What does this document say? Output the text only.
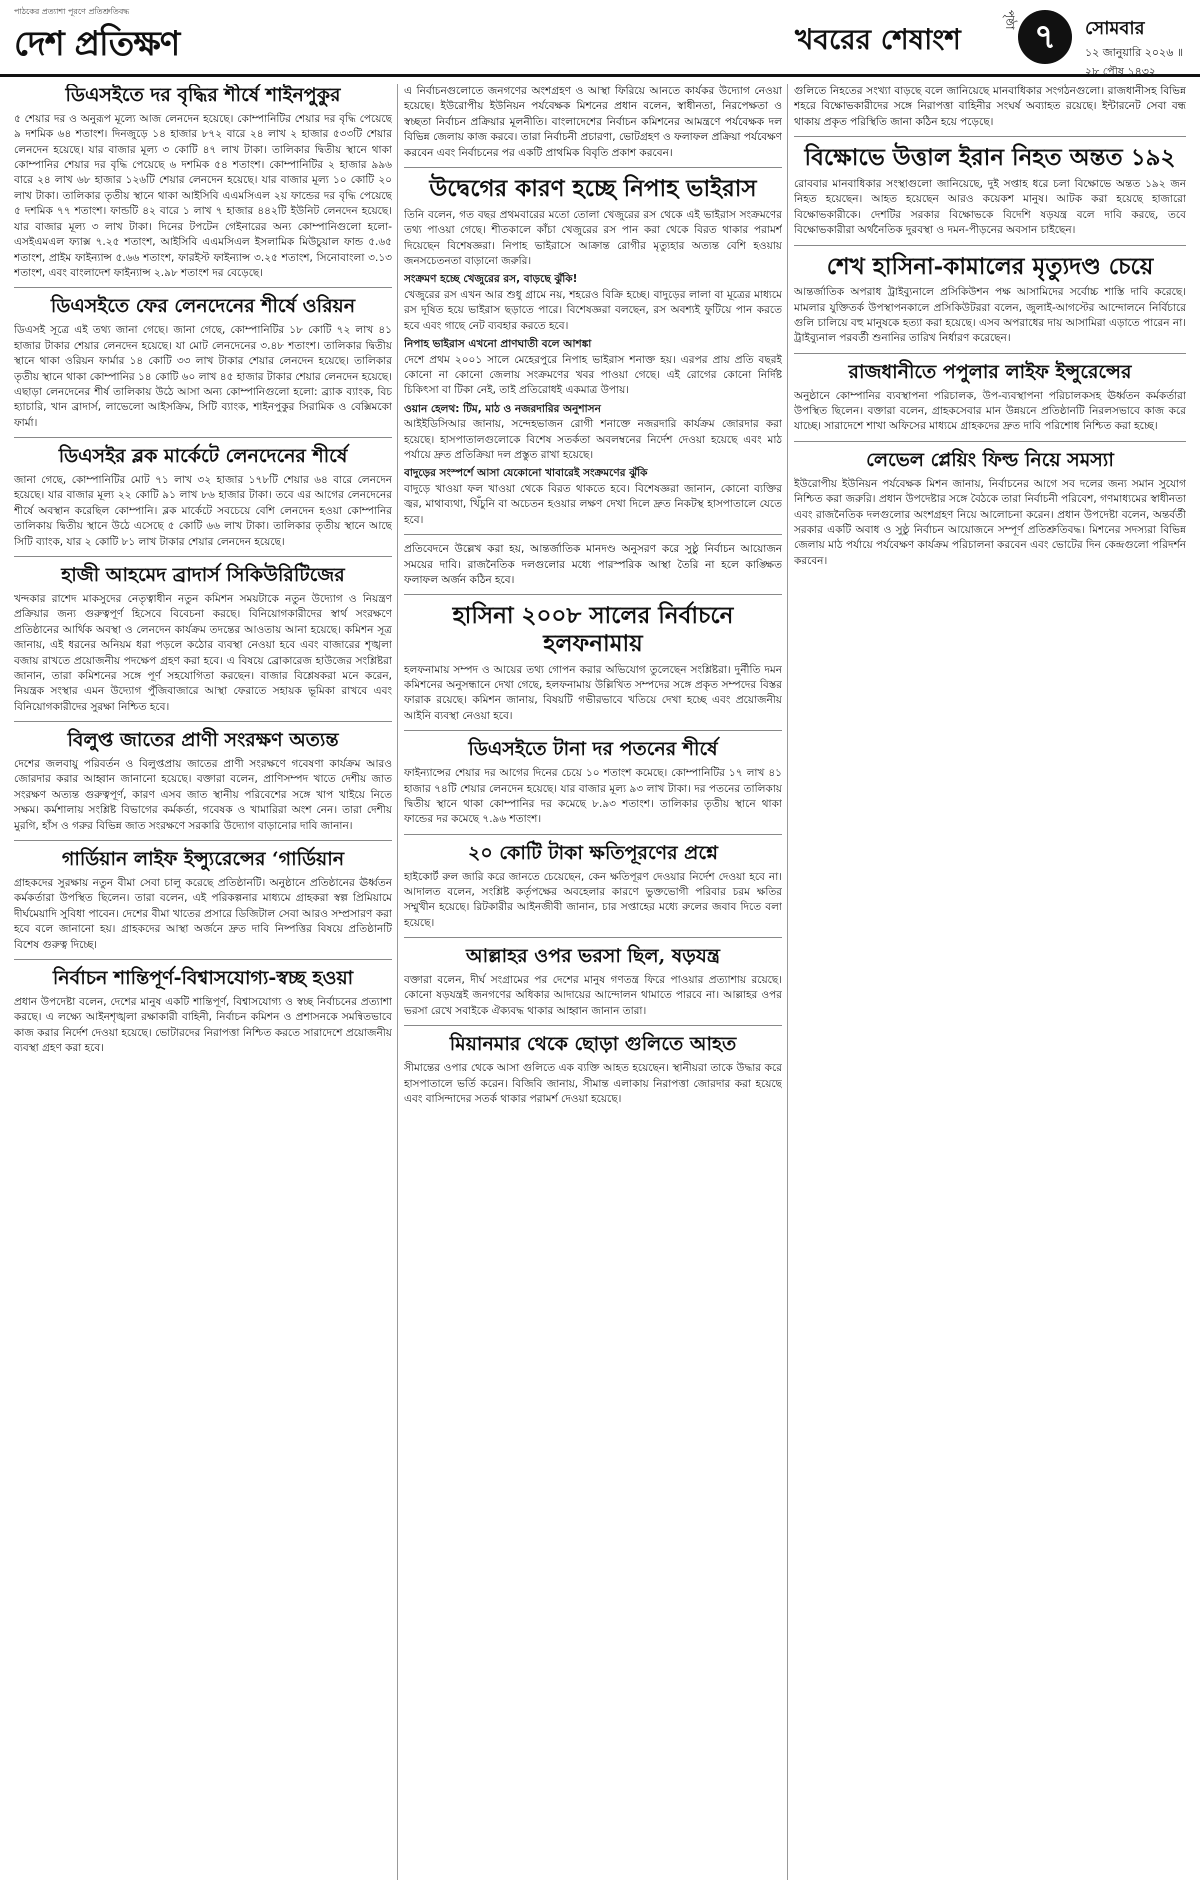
পাঠকের প্রত্যাশা পূরণে প্রতিশ্রুতিবদ্ধ
দেশ প্রতিক্ষণ	খবরের শেষাংশ
পৃষ্ঠা ৭	সোমবার
১২ জানুয়ারি ২০২৬ ॥ ২৮ পৌষ ১৪৩২
ডিএসইতে দর বৃদ্ধির শীর্ষে শাইনপুকুর

৫ শেয়ার দর ও অনুরূপ মূল্যে আজ লেনদেন হয়েছে। কোম্পানিটির শেয়ার দর বৃদ্ধি পেয়েছে ৯ দশমিক ৬৪ শতাংশ। দিনজুড়ে ১৪ হাজার ৮৭২ বারে ২৪ লাখ ২ হাজার ৫৩৩টি শেয়ার লেনদেন হয়েছে। যার বাজার মূল্য ৩ কোটি ৪৭ লাখ টাকা। তালিকার দ্বিতীয় স্থানে থাকা কোম্পানির শেয়ার দর বৃদ্ধি পেয়েছে ৬ দশমিক ৫৪ শতাংশ। কোম্পানিটির ২ হাজার ৯৯৬ বারে ২৪ লাখ ৬৮ হাজার ১২৬টি শেয়ার লেনদেন হয়েছে। যার বাজার মূল্য ১০ কোটি ২০ লাখ টাকা। তালিকার তৃতীয় স্থানে থাকা আইসিবি এএমসিএল ২য় ফান্ডের দর বৃদ্ধি পেয়েছে ৫ দশমিক ৭৭ শতাংশ। ফান্ডটি ৪২ বারে ১ লাখ ৭ হাজার ৪৪২টি ইউনিট লেনদেন হয়েছে। যার বাজার মূল্য ৩ লাখ টাকা। দিনের টপটেন গেইনারের অন্য কোম্পানিগুলো হলো- এসইএমএল ফ্যাক্স ৭.২৫ শতাংশ, আইসিবি এএমসিএল ইসলামিক মিউচুয়াল ফান্ড ৫.৬৫ শতাংশ, প্রাইম ফাইন্যান্স ৫.৬৬ শতাংশ, ফারইস্ট ফাইন্যান্স ৩.২৫ শতাংশ, সিনোবাংলা ৩.১৩ শতাংশ, এবং বাংলাদেশ ফাইন্যান্স ২.৯৮ শতাংশ দর বেড়েছে।

ডিএসইতে ফের লেনদেনের শীর্ষে ওরিয়ন

ডিএসই সূত্রে এই তথ্য জানা গেছে। জানা গেছে, কোম্পানিটির ১৮ কোটি ৭২ লাখ ৪১ হাজার টাকার শেয়ার লেনদেন হয়েছে। যা মোট লেনদেনের ৩.৪৮ শতাংশ। তালিকার দ্বিতীয় স্থানে থাকা ওরিয়ন ফার্মার ১৪ কোটি ৩৩ লাখ টাকার শেয়ার লেনদেন হয়েছে। তালিকার তৃতীয় স্থানে থাকা কোম্পানির ১৪ কোটি ৬০ লাখ ৪৫ হাজার টাকার শেয়ার লেনদেন হয়েছে। এছাড়া লেনদেনের শীর্ষ তালিকায় উঠে আসা অন্য কোম্পানিগুলো হলো: ব্র্যাক ব্যাংক, বিচ হ্যাচারি, খান ব্রাদার্স, লাভেলো আইসক্রিম, সিটি ব্যাংক, শাইনপুকুর সিরামিক ও বেক্সিমকো ফার্মা।

ডিএসইর ব্লক মার্কেটে লেনদেনের শীর্ষে

জানা গেছে, কোম্পানিটির মোট ৭১ লাখ ৩২ হাজার ১৭৮টি শেয়ার ৬৪ বারে লেনদেন হয়েছে। যার বাজার মূল্য ২২ কোটি ৯১ লাখ ৮৬ হাজার টাকা। তবে এর আগের লেনদেনের শীর্ষে অবস্থান করেছিল কোম্পানি। ব্লক মার্কেটে সবচেয়ে বেশি লেনদেন হওয়া কোম্পানির তালিকায় দ্বিতীয় স্থানে উঠে এসেছে ৫ কোটি ৬৬ লাখ টাকা। তালিকার তৃতীয় স্থানে আছে সিটি ব্যাংক, যার ২ কোটি ৮১ লাখ টাকার শেয়ার লেনদেন হয়েছে।

হাজী আহমেদ ব্রাদার্স সিকিউরিটিজের

খন্দকার রাশেদ মাকসুদের নেতৃত্বাধীন নতুন কমিশন সময়টাকে নতুন উদ্যোগ ও নিয়ন্ত্রণ প্রক্রিয়ার জন্য গুরুত্বপূর্ণ হিসেবে বিবেচনা করছে। বিনিয়োগকারীদের স্বার্থ সংরক্ষণে প্রতিষ্ঠানের আর্থিক অবস্থা ও লেনদেন কার্যক্রম তদন্তের আওতায় আনা হয়েছে। কমিশন সূত্র জানায়, এই ধরনের অনিয়ম ধরা পড়লে কঠোর ব্যবস্থা নেওয়া হবে এবং বাজারের শৃঙ্খলা বজায় রাখতে প্রয়োজনীয় পদক্ষেপ গ্রহণ করা হবে। এ বিষয়ে ব্রোকারেজ হাউজের সংশ্লিষ্টরা জানান, তারা কমিশনের সঙ্গে পূর্ণ সহযোগিতা করছেন। বাজার বিশ্লেষকরা মনে করেন, নিয়ন্ত্রক সংস্থার এমন উদ্যোগ পুঁজিবাজারে আস্থা ফেরাতে সহায়ক ভূমিকা রাখবে এবং বিনিয়োগকারীদের সুরক্ষা নিশ্চিত হবে।

বিলুপ্ত জাতের প্রাণী সংরক্ষণ অত্যন্ত

দেশের জলবায়ু পরিবর্তন ও বিলুপ্তপ্রায় জাতের প্রাণী সংরক্ষণে গবেষণা কার্যক্রম আরও জোরদার করার আহ্বান জানানো হয়েছে। বক্তারা বলেন, প্রাণিসম্পদ খাতে দেশীয় জাত সংরক্ষণ অত্যন্ত গুরুত্বপূর্ণ, কারণ এসব জাত স্থানীয় পরিবেশের সঙ্গে খাপ খাইয়ে নিতে সক্ষম। কর্মশালায় সংশ্লিষ্ট বিভাগের কর্মকর্তা, গবেষক ও খামারিরা অংশ নেন। তারা দেশীয় মুরগি, হাঁস ও গরুর বিভিন্ন জাত সংরক্ষণে সরকারি উদ্যোগ বাড়ানোর দাবি জানান।

গার্ডিয়ান লাইফ ইন্স্যুরেন্সের ‘গার্ডিয়ান

গ্রাহকদের সুরক্ষায় নতুন বীমা সেবা চালু করেছে প্রতিষ্ঠানটি। অনুষ্ঠানে প্রতিষ্ঠানের ঊর্ধ্বতন কর্মকর্তারা উপস্থিত ছিলেন। তারা বলেন, এই পরিকল্পনার মাধ্যমে গ্রাহকরা স্বল্প প্রিমিয়ামে দীর্ঘমেয়াদি সুবিধা পাবেন। দেশের বীমা খাতের প্রসারে ডিজিটাল সেবা আরও সম্প্রসারণ করা হবে বলে জানানো হয়। গ্রাহকদের আস্থা অর্জনে দ্রুত দাবি নিষ্পত্তির বিষয়ে প্রতিষ্ঠানটি বিশেষ গুরুত্ব দিচ্ছে।

নির্বাচন শান্তিপূর্ণ-বিশ্বাসযোগ্য-স্বচ্ছ হওয়া

প্রধান উপদেষ্টা বলেন, দেশের মানুষ একটি শান্তিপূর্ণ, বিশ্বাসযোগ্য ও স্বচ্ছ নির্বাচনের প্রত্যাশা করছে। এ লক্ষ্যে আইনশৃঙ্খলা রক্ষাকারী বাহিনী, নির্বাচন কমিশন ও প্রশাসনকে সমন্বিতভাবে কাজ করার নির্দেশ দেওয়া হয়েছে। ভোটারদের নিরাপত্তা নিশ্চিত করতে সারাদেশে প্রয়োজনীয় ব্যবস্থা গ্রহণ করা হবে।

এ নির্বাচনগুলোতে জনগণের অংশগ্রহণ ও আস্থা ফিরিয়ে আনতে কার্যকর উদ্যোগ নেওয়া হয়েছে। ইউরোপীয় ইউনিয়ন পর্যবেক্ষক মিশনের প্রধান বলেন, স্বাধীনতা, নিরপেক্ষতা ও স্বচ্ছতা নির্বাচন প্রক্রিয়ার মূলনীতি। বাংলাদেশের নির্বাচন কমিশনের আমন্ত্রণে পর্যবেক্ষক দল বিভিন্ন জেলায় কাজ করবে। তারা নির্বাচনী প্রচারণা, ভোটগ্রহণ ও ফলাফল প্রক্রিয়া পর্যবেক্ষণ করবেন এবং নির্বাচনের পর একটি প্রাথমিক বিবৃতি প্রকাশ করবেন।
উদ্বেগের কারণ হচ্ছে নিপাহ ভাইরাস

তিনি বলেন, গত বছর প্রথমবারের মতো তোলা খেজুরের রস থেকে এই ভাইরাস সংক্রমণের তথ্য পাওয়া গেছে। শীতকালে কাঁচা খেজুরের রস পান করা থেকে বিরত থাকার পরামর্শ দিয়েছেন বিশেষজ্ঞরা। নিপাহ ভাইরাসে আক্রান্ত রোগীর মৃত্যুহার অত্যন্ত বেশি হওয়ায় জনসচেতনতা বাড়ানো জরুরি।

সংক্রমণ হচ্ছে খেজুরের রস, বাড়ছে ঝুঁকি!

খেজুরের রস এখন আর শুধু গ্রামে নয়, শহরেও বিক্রি হচ্ছে। বাদুড়ের লালা বা মূত্রের মাধ্যমে রস দূষিত হয়ে ভাইরাস ছড়াতে পারে। বিশেষজ্ঞরা বলছেন, রস অবশ্যই ফুটিয়ে পান করতে হবে এবং গাছে নেট ব্যবহার করতে হবে।

নিপাহ ভাইরাস এখনো প্রাণঘাতী বলে আশঙ্কা

দেশে প্রথম ২০০১ সালে মেহেরপুরে নিপাহ ভাইরাস শনাক্ত হয়। এরপর প্রায় প্রতি বছরই কোনো না কোনো জেলায় সংক্রমণের খবর পাওয়া গেছে। এই রোগের কোনো নির্দিষ্ট চিকিৎসা বা টিকা নেই, তাই প্রতিরোধই একমাত্র উপায়।

ওয়ান হেলথ: টিম, মাঠ ও নজরদারির অনুশাসন

আইইডিসিআর জানায়, সন্দেহভাজন রোগী শনাক্তে নজরদারি কার্যক্রম জোরদার করা হয়েছে। হাসপাতালগুলোকে বিশেষ সতর্কতা অবলম্বনের নির্দেশ দেওয়া হয়েছে এবং মাঠ পর্যায়ে দ্রুত প্রতিক্রিয়া দল প্রস্তুত রাখা হয়েছে।

বাদুড়ের সংস্পর্শে আসা যেকোনো খাবারেই সংক্রমণের ঝুঁকি

বাদুড়ে খাওয়া ফল খাওয়া থেকে বিরত থাকতে হবে। বিশেষজ্ঞরা জানান, কোনো ব্যক্তির জ্বর, মাথাব্যথা, খিঁচুনি বা অচেতন হওয়ার লক্ষণ দেখা দিলে দ্রুত নিকটস্থ হাসপাতালে যেতে হবে।

প্রতিবেদনে উল্লেখ করা হয়, আন্তর্জাতিক মানদণ্ড অনুসরণ করে সুষ্ঠু নির্বাচন আয়োজন সময়ের দাবি। রাজনৈতিক দলগুলোর মধ্যে পারস্পরিক আস্থা তৈরি না হলে কাঙ্ক্ষিত ফলাফল অর্জন কঠিন হবে।
হাসিনা ২০০৮ সালের নির্বাচনে হলফনামায়

হলফনামায় সম্পদ ও আয়ের তথ্য গোপন করার অভিযোগ তুলেছেন সংশ্লিষ্টরা। দুর্নীতি দমন কমিশনের অনুসন্ধানে দেখা গেছে, হলফনামায় উল্লিখিত সম্পদের সঙ্গে প্রকৃত সম্পদের বিস্তর ফারাক রয়েছে। কমিশন জানায়, বিষয়টি গভীরভাবে খতিয়ে দেখা হচ্ছে এবং প্রয়োজনীয় আইনি ব্যবস্থা নেওয়া হবে।

ডিএসইতে টানা দর পতনের শীর্ষে

ফাইন্যান্সের শেয়ার দর আগের দিনের চেয়ে ১০ শতাংশ কমেছে। কোম্পানিটির ১৭ লাখ ৪১ হাজার ৭৪টি শেয়ার লেনদেন হয়েছে। যার বাজার মূল্য ৯৩ লাখ টাকা। দর পতনের তালিকায় দ্বিতীয় স্থানে থাকা কোম্পানির দর কমেছে ৮.৯৩ শতাংশ। তালিকার তৃতীয় স্থানে থাকা ফান্ডের দর কমেছে ৭.৯৬ শতাংশ।

২০ কোটি টাকা ক্ষতিপূরণের প্রশ্নে

হাইকোর্ট রুল জারি করে জানতে চেয়েছেন, কেন ক্ষতিপূরণ দেওয়ার নির্দেশ দেওয়া হবে না। আদালত বলেন, সংশ্লিষ্ট কর্তৃপক্ষের অবহেলার কারণে ভুক্তভোগী পরিবার চরম ক্ষতির সম্মুখীন হয়েছে। রিটকারীর আইনজীবী জানান, চার সপ্তাহের মধ্যে রুলের জবাব দিতে বলা হয়েছে।

আল্লাহর ওপর ভরসা ছিল, ষড়যন্ত্র

বক্তারা বলেন, দীর্ঘ সংগ্রামের পর দেশের মানুষ গণতন্ত্র ফিরে পাওয়ার প্রত্যাশায় রয়েছে। কোনো ষড়যন্ত্রই জনগণের অধিকার আদায়ের আন্দোলন থামাতে পারবে না। আল্লাহর ওপর ভরসা রেখে সবাইকে ঐক্যবদ্ধ থাকার আহ্বান জানান তারা।

মিয়ানমার থেকে ছোড়া গুলিতে আহত

সীমান্তের ওপার থেকে আসা গুলিতে এক ব্যক্তি আহত হয়েছেন। স্থানীয়রা তাকে উদ্ধার করে হাসপাতালে ভর্তি করেন। বিজিবি জানায়, সীমান্ত এলাকায় নিরাপত্তা জোরদার করা হয়েছে এবং বাসিন্দাদের সতর্ক থাকার পরামর্শ দেওয়া হয়েছে।

গুলিতে নিহতের সংখ্যা বাড়ছে বলে জানিয়েছে মানবাধিকার সংগঠনগুলো। রাজধানীসহ বিভিন্ন শহরে বিক্ষোভকারীদের সঙ্গে নিরাপত্তা বাহিনীর সংঘর্ষ অব্যাহত রয়েছে। ইন্টারনেট সেবা বন্ধ থাকায় প্রকৃত পরিস্থিতি জানা কঠিন হয়ে পড়েছে।
বিক্ষোভে উত্তাল ইরান নিহত অন্তত ১৯২

রোববার মানবাধিকার সংস্থাগুলো জানিয়েছে, দুই সপ্তাহ ধরে চলা বিক্ষোভে অন্তত ১৯২ জন নিহত হয়েছেন। আহত হয়েছেন আরও কয়েকশ মানুষ। আটক করা হয়েছে হাজারো বিক্ষোভকারীকে। দেশটির সরকার বিক্ষোভকে বিদেশি ষড়যন্ত্র বলে দাবি করছে, তবে বিক্ষোভকারীরা অর্থনৈতিক দুরবস্থা ও দমন-পীড়নের অবসান চাইছেন।

শেখ হাসিনা-কামালের মৃত্যুদণ্ড চেয়ে

আন্তর্জাতিক অপরাধ ট্রাইব্যুনালে প্রসিকিউশন পক্ষ আসামিদের সর্বোচ্চ শাস্তি দাবি করেছে। মামলার যুক্তিতর্ক উপস্থাপনকালে প্রসিকিউটররা বলেন, জুলাই-আগস্টের আন্দোলনে নির্বিচারে গুলি চালিয়ে বহু মানুষকে হত্যা করা হয়েছে। এসব অপরাধের দায় আসামিরা এড়াতে পারেন না। ট্রাইব্যুনাল পরবর্তী শুনানির তারিখ নির্ধারণ করেছেন।

রাজধানীতে পপুলার লাইফ ইন্সুরেন্সের

অনুষ্ঠানে কোম্পানির ব্যবস্থাপনা পরিচালক, উপ-ব্যবস্থাপনা পরিচালকসহ ঊর্ধ্বতন কর্মকর্তারা উপস্থিত ছিলেন। বক্তারা বলেন, গ্রাহকসেবার মান উন্নয়নে প্রতিষ্ঠানটি নিরলসভাবে কাজ করে যাচ্ছে। সারাদেশে শাখা অফিসের মাধ্যমে গ্রাহকদের দ্রুত দাবি পরিশোধ নিশ্চিত করা হচ্ছে।

লেভেল প্লেয়িং ফিল্ড নিয়ে সমস্যা

ইউরোপীয় ইউনিয়ন পর্যবেক্ষক মিশন জানায়, নির্বাচনের আগে সব দলের জন্য সমান সুযোগ নিশ্চিত করা জরুরি। প্রধান উপদেষ্টার সঙ্গে বৈঠকে তারা নির্বাচনী পরিবেশ, গণমাধ্যমের স্বাধীনতা এবং রাজনৈতিক দলগুলোর অংশগ্রহণ নিয়ে আলোচনা করেন। প্রধান উপদেষ্টা বলেন, অন্তর্বর্তী সরকার একটি অবাধ ও সুষ্ঠু নির্বাচন আয়োজনে সম্পূর্ণ প্রতিশ্রুতিবদ্ধ। মিশনের সদস্যরা বিভিন্ন জেলায় মাঠ পর্যায়ে পর্যবেক্ষণ কার্যক্রম পরিচালনা করবেন এবং ভোটের দিন কেন্দ্রগুলো পরিদর্শন করবেন।
